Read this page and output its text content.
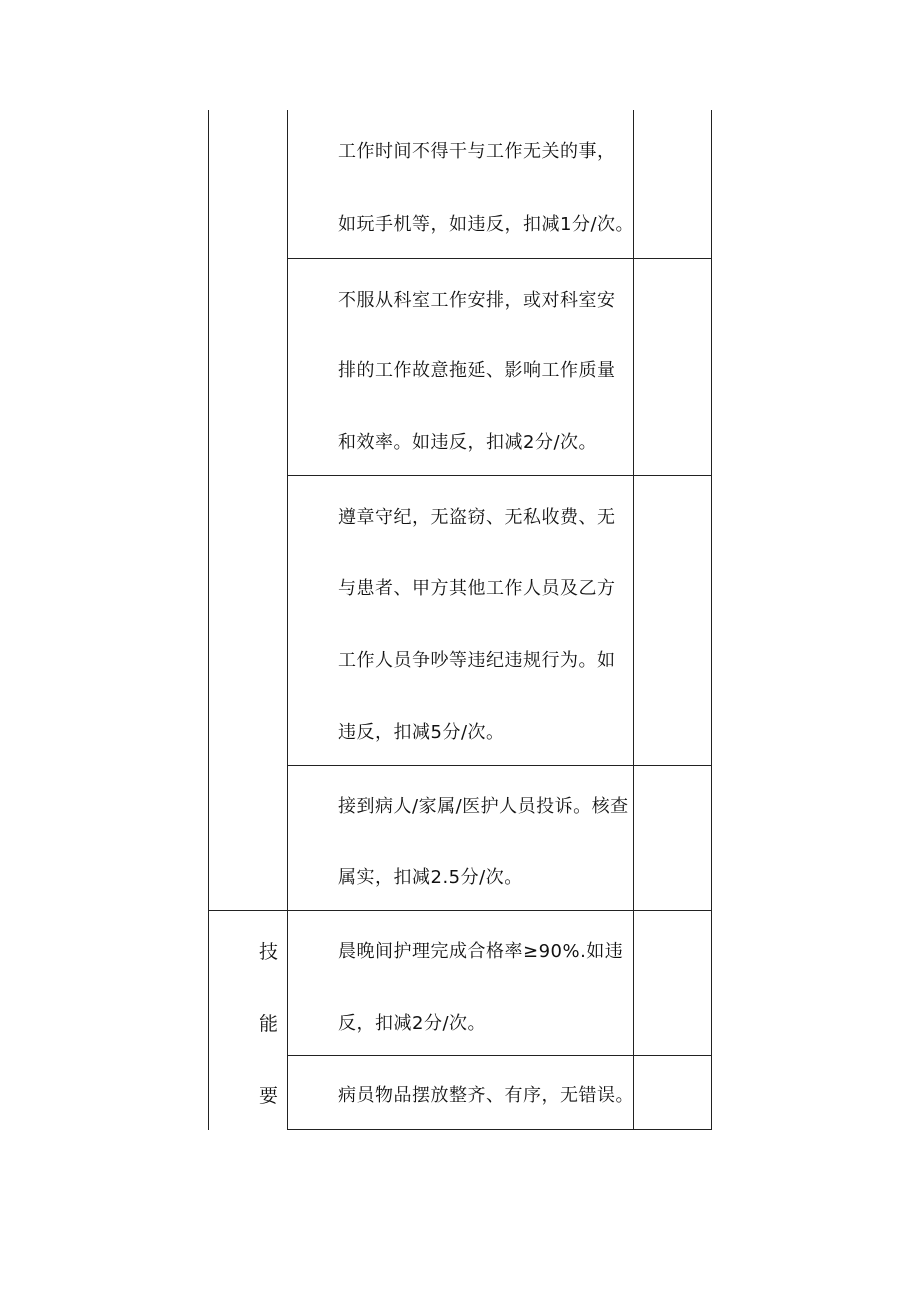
工作时间不得干与工作无关的事，
如玩手机等，如违反，扣减1分/次。
不服从科室工作安排，或对科室安
排的工作故意拖延、影响工作质量
和效率。如违反，扣减2分/次。
遵章守纪，无盗窃、无私收费、无
与患者、甲方其他工作人员及乙方
工作人员争吵等违纪违规行为。如
违反，扣减5分/次。
接到病人/家属/医护人员投诉。核查
属实，扣减2.5分/次。
晨晚间护理完成合格率≥90%.如违
反，扣减2分/次。
病员物品摆放整齐、有序，无错误。
技
能
要
